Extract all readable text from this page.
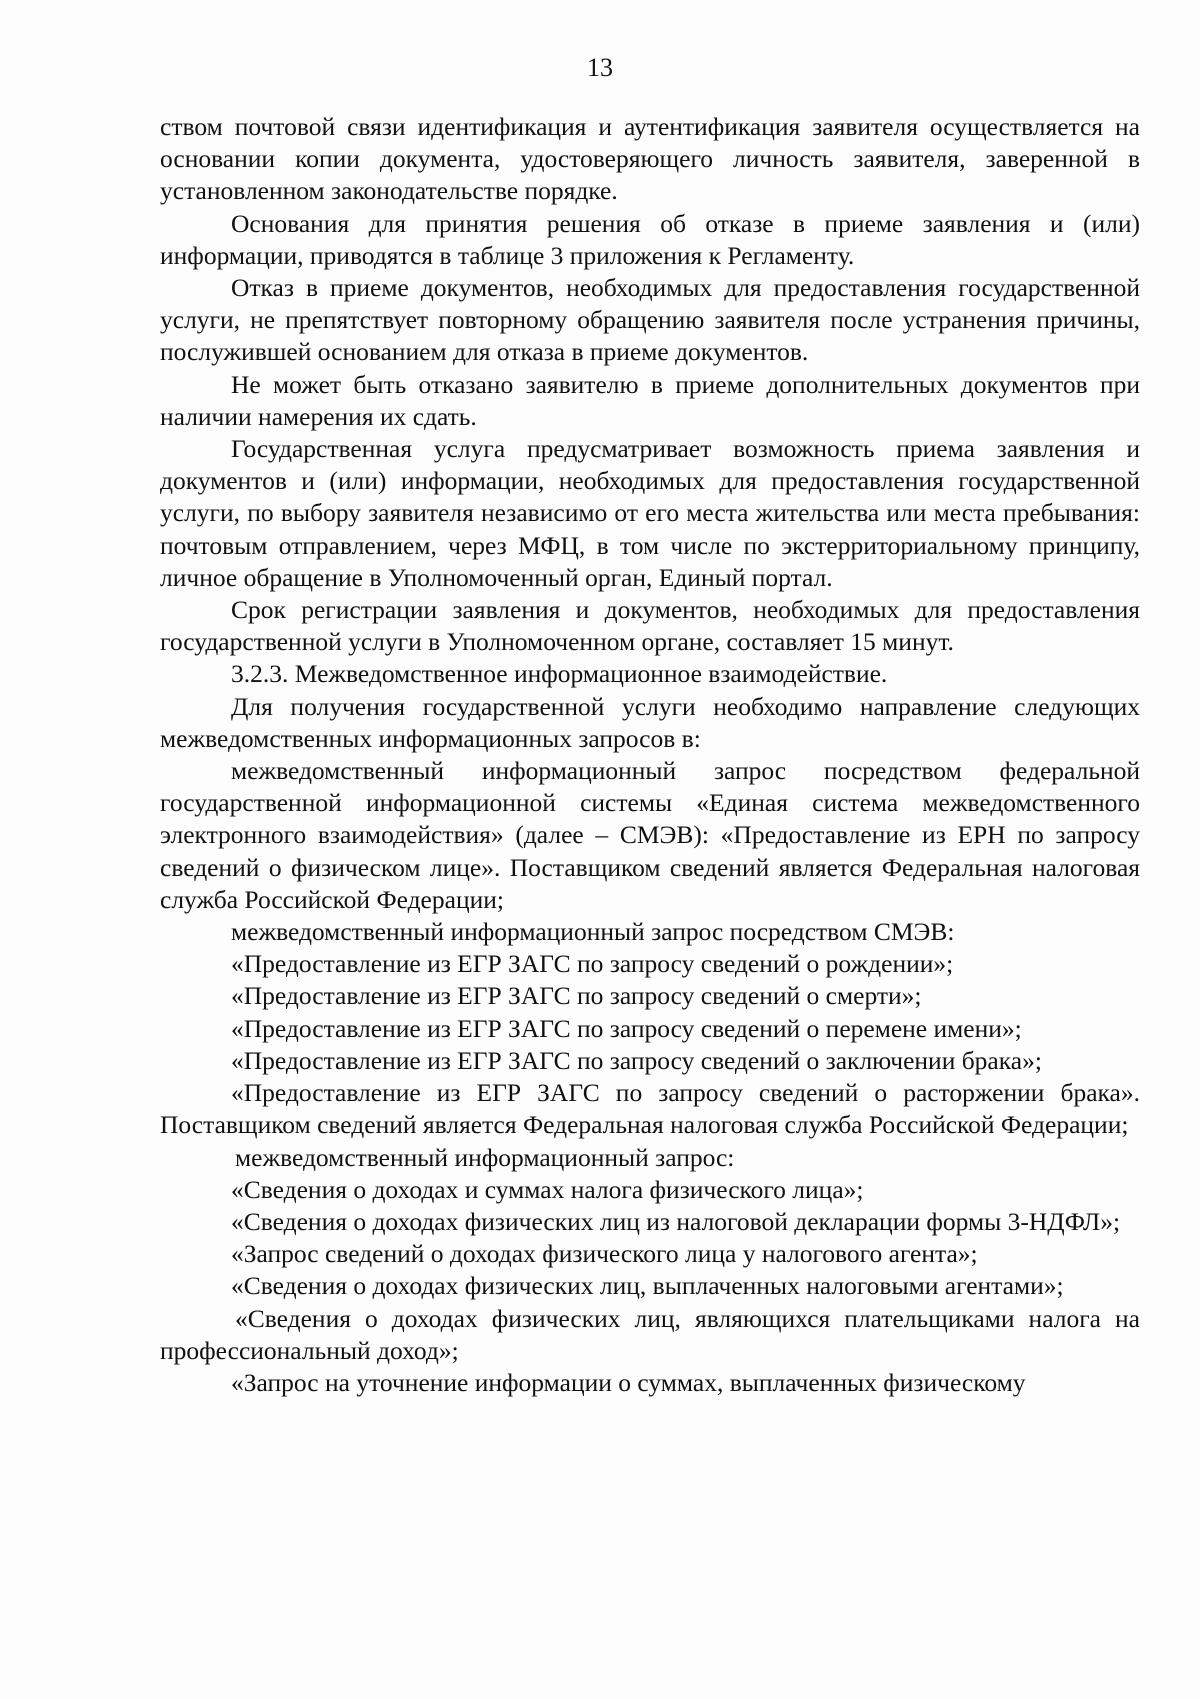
13

ством почтовой связи идентификация и аутентификация заявителя осуществляется на основании копии документа, удостоверяющего личность заявителя, заверенной в установленном законодательстве порядке.

Основания для принятия решения об отказе в приеме заявления и (или) информации, приводятся в таблице 3 приложения к Регламенту.

Отказ в приеме документов, необходимых для предоставления государственной услуги, не препятствует повторному обращению заявителя после устранения причины, послужившей основанием для отказа в приеме документов.

Не может быть отказано заявителю в приеме дополнительных документов при наличии намерения их сдать.

Государственная услуга предусматривает возможность приема заявления и документов и (или) информации, необходимых для предоставления государственной услуги, по выбору заявителя независимо от его места жительства или места пребывания: почтовым отправлением, через МФЦ, в том числе по экстерриториальному принципу, личное обращение в Уполномоченный орган, Единый портал.

Срок регистрации заявления и документов, необходимых для предоставления государственной услуги в Уполномоченном органе, составляет 15 минут.

3.2.3. Межведомственное информационное взаимодействие.

Для получения государственной услуги необходимо направление следующих межведомственных информационных запросов в:

межведомственный информационный запрос посредством федеральной государственной информационной системы «Единая система межведомственного электронного взаимодействия» (далее – СМЭВ): «Предоставление из ЕРН по запросу сведений о физическом лице». Поставщиком сведений является Федеральная налоговая служба Российской Федерации;

межведомственный информационный запрос посредством СМЭВ:

«Предоставление из ЕГР ЗАГС по запросу сведений о рождении»;

«Предоставление из ЕГР ЗАГС по запросу сведений о смерти»;

«Предоставление из ЕГР ЗАГС по запросу сведений о перемене имени»;

«Предоставление из ЕГР ЗАГС по запросу сведений о заключении брака»;

«Предоставление из ЕГР ЗАГС по запросу сведений о расторжении брака». Поставщиком сведений является Федеральная налоговая служба Российской Федерации;

межведомственный информационный запрос:

«Сведения о доходах и суммах налога физического лица»;

«Сведения о доходах физических лиц из налоговой декларации формы 3-НДФЛ»;

«Запрос сведений о доходах физического лица у налогового агента»;

«Сведения о доходах физических лиц, выплаченных налоговыми агентами»;

«Сведения о доходах физических лиц, являющихся плательщиками налога на профессиональный доход»;

«Запрос на уточнение информации о суммах, выплаченных физическому
